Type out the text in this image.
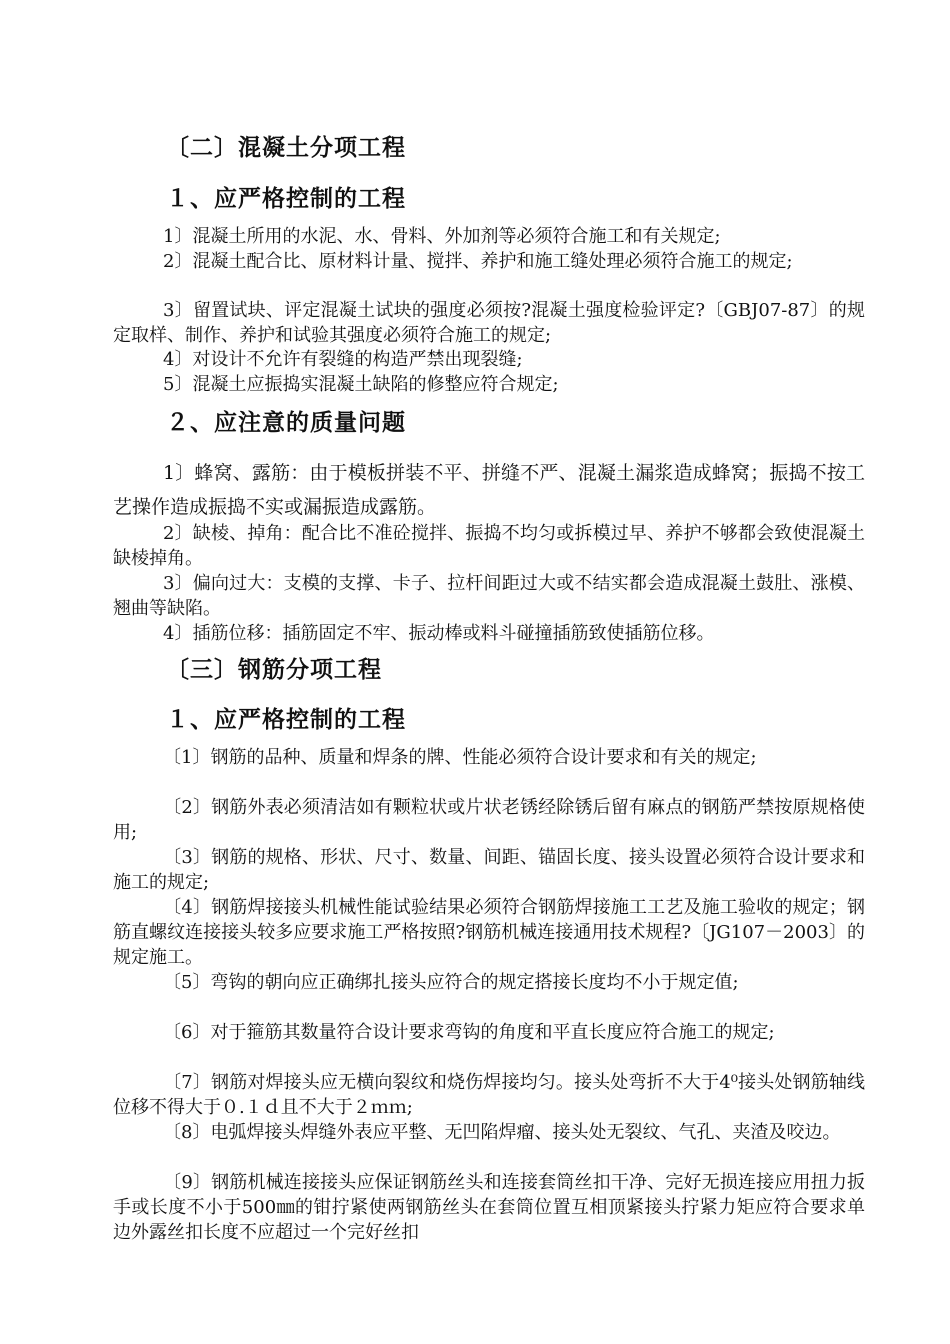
〔二〕混凝土分项工程
１、应严格控制的工程

1〕混凝土所用的水泥、水、骨料、外加剂等必须符合施工和有关规定;

2〕混凝土配合比、原材料计量、搅拌、养护和施工缝处理必须符合施工的规定;

3〕留置试块、评定混凝土试块的强度必须按?混凝土强度检验评定?〔GBJ07-87〕的规定取样、制作、养护和试验其强度必须符合施工的规定;

4〕对设计不允许有裂缝的构造严禁出现裂缝;

5〕混凝土应振捣实混凝土缺陷的修整应符合规定;

２、应注意的质量问题

1〕蜂窝、露筋：由于模板拼装不平、拼缝不严、混凝土漏浆造成蜂窝；振捣不按工艺操作造成振捣不实或漏振造成露筋。

2〕缺棱、掉角：配合比不准砼搅拌、振捣不均匀或拆模过早、养护不够都会致使混凝土缺棱掉角。

3〕偏向过大：支模的支撑、卡子、拉杆间距过大或不结实都会造成混凝土鼓肚、涨模、翘曲等缺陷。

4〕插筋位移：插筋固定不牢、振动棒或料斗碰撞插筋致使插筋位移。

〔三〕钢筋分项工程
１、应严格控制的工程

〔1〕钢筋的品种、质量和焊条的牌、性能必须符合设计要求和有关的规定;

〔2〕钢筋外表必须清洁如有颗粒状或片状老锈经除锈后留有麻点的钢筋严禁按原规格使用;

〔3〕钢筋的规格、形状、尺寸、数量、间距、锚固长度、接头设置必须符合设计要求和施工的规定;

〔4〕钢筋焊接接头机械性能试验结果必须符合钢筋焊接施工工艺及施工验收的规定；钢筋直螺纹连接接头较多应要求施工严格按照?钢筋机械连接通用技术规程?〔JG107－2003〕的规定施工。

〔5〕弯钩的朝向应正确绑扎接头应符合的规定搭接长度均不小于规定值;

〔6〕对于箍筋其数量符合设计要求弯钩的角度和平直长度应符合施工的规定;

〔7〕钢筋对焊接头应无横向裂纹和烧伤焊接均匀。接头处弯折不大于4⁰接头处钢筋轴线位移不得大于０.１ｄ且不大于２ｍｍ;

〔8〕电弧焊接头焊缝外表应平整、无凹陷焊瘤、接头处无裂纹、气孔、夹渣及咬边。

〔9〕钢筋机械连接接头应保证钢筋丝头和连接套筒丝扣干净、完好无损连接应用扭力扳手或长度不小于500㎜的钳拧紧使两钢筋丝头在套筒位置互相顶紧接头拧紧力矩应符合要求单边外露丝扣长度不应超过一个完好丝扣
